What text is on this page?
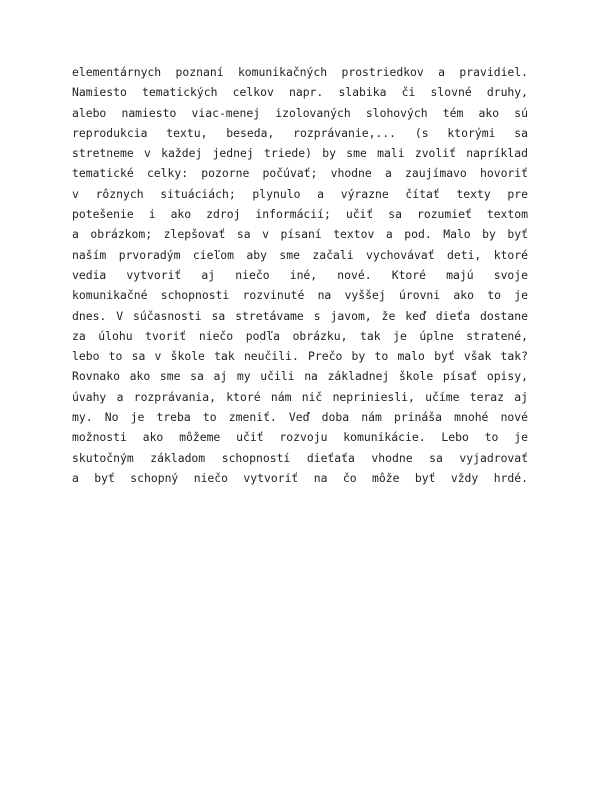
elementárnych poznaní komunikačných prostriedkov a pravidiel.
Namiesto tematických celkov napr. slabika či slovné druhy,
alebo namiesto viac-menej izolovaných slohových tém ako sú
reprodukcia textu, beseda, rozprávanie,... (s ktorými sa
stretneme v každej jednej triede) by sme mali zvoliť napríklad
tematické celky: pozorne počúvať; vhodne a zaujímavo hovoriť
v rôznych situáciách; plynulo a výrazne čítať texty pre
potešenie i ako zdroj informácií; učiť sa rozumieť textom
a obrázkom; zlepšovať sa v písaní textov a pod. Malo by byť
naším prvoradým cieľom aby sme začali vychovávať deti, ktoré
vedia vytvoriť aj niečo iné, nové. Ktoré majú svoje
komunikačné schopnosti rozvinuté na vyššej úrovni ako to je
dnes. V súčasnosti sa stretávame s javom, že keď dieťa dostane
za úlohu tvoriť niečo podľa obrázku, tak je úplne stratené,
lebo to sa v škole tak neučili. Prečo by to malo byť však tak?
Rovnako ako sme sa aj my učili na základnej škole písať opisy,
úvahy a rozprávania, ktoré nám nič nepriniesli, učíme teraz aj
my. No je treba to zmeniť. Veď doba nám prináša mnohé nové
možnosti ako môžeme učiť rozvoju komunikácie. Lebo to je
skutočným základom schopností dieťaťa vhodne sa vyjadrovať
a byť schopný niečo vytvoriť na čo môže byť vždy hrdé.
